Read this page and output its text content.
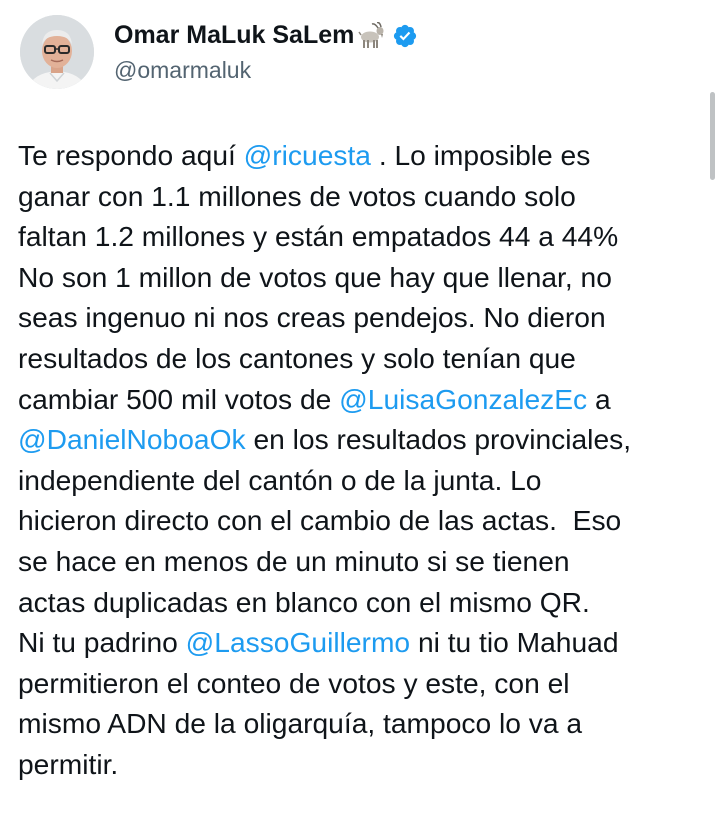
Omar MaLuk SaLem
@omarmaluk
Te respondo aquí @ricuesta . Lo imposible es
ganar con 1.1 millones de votos cuando solo
faltan 1.2 millones y están empatados 44 a 44%
No son 1 millon de votos que hay que llenar, no
seas ingenuo ni nos creas pendejos. No dieron
resultados de los cantones y solo tenían que
cambiar 500 mil votos de @LuisaGonzalezEc a
@DanielNoboaOk en los resultados provinciales,
independiente del cantón o de la junta. Lo
hicieron directo con el cambio de las actas.  Eso
se hace en menos de un minuto si se tienen
actas duplicadas en blanco con el mismo QR.
Ni tu padrino @LassoGuillermo ni tu tio Mahuad
permitieron el conteo de votos y este, con el
mismo ADN de la oligarquía, tampoco lo va a
permitir.
